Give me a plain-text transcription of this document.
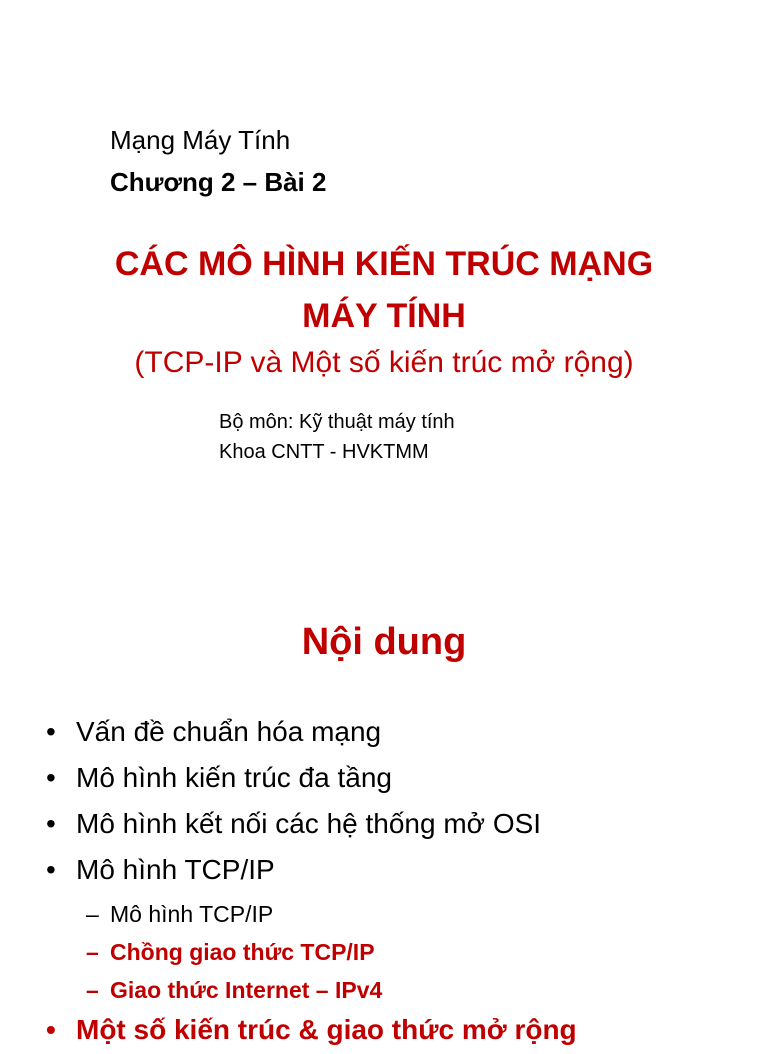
Mạng Máy Tính
Chương 2 – Bài 2
CÁC MÔ HÌNH KIẾN TRÚC MẠNG
MÁY TÍNH
(TCP-IP và Một số kiến trúc mở rộng)
Bộ môn: Kỹ thuật máy tính
Khoa CNTT - HVKTMM
Nội dung
• Vấn đề chuẩn hóa mạng
• Mô hình kiến trúc đa tầng
• Mô hình kết nối các hệ thống mở OSI
• Mô hình TCP/IP
– Mô hình TCP/IP
– Chồng giao thức TCP/IP
– Giao thức Internet – IPv4
• Một số kiến trúc & giao thức mở rộng
